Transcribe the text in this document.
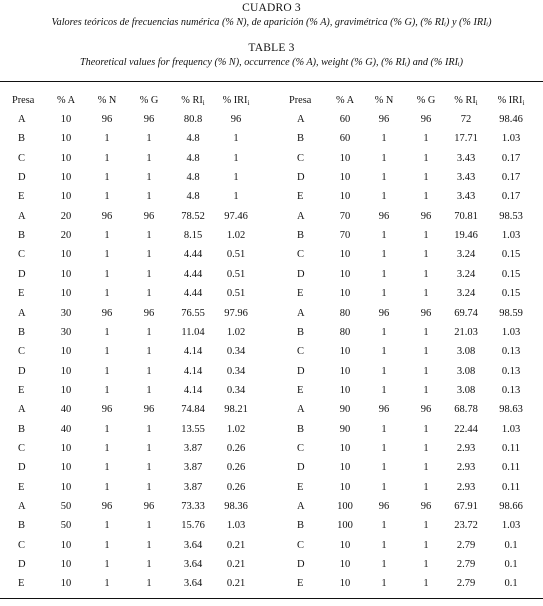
CUADRO 3
Valores teóricos de frecuencias numérica (% N), de aparición (% A), gravimétrica (% G), (% RIᵢ) y (% IRIᵢ)
TABLE 3
Theoretical values for frequency (% N), occurrence (% A), weight (% G), (% RIᵢ) and (% IRIᵢ)
Presa	% A	% N	% G	% $RI_i$	% $IRI_i$	Presa	% A	% N	% G	% $RI_i$	% $IRI_i$
A	10	96	96	80.8	96	A	60	96	96	72	98.46
B	10	1	1	4.8	1	B	60	1	1	17.71	1.03
C	10	1	1	4.8	1	C	10	1	1	3.43	0.17
D	10	1	1	4.8	1	D	10	1	1	3.43	0.17
E	10	1	1	4.8	1	E	10	1	1	3.43	0.17
A	20	96	96	78.52	97.46	A	70	96	96	70.81	98.53
B	20	1	1	8.15	1.02	B	70	1	1	19.46	1.03
C	10	1	1	4.44	0.51	C	10	1	1	3.24	0.15
D	10	1	1	4.44	0.51	D	10	1	1	3.24	0.15
E	10	1	1	4.44	0.51	E	10	1	1	3.24	0.15
A	30	96	96	76.55	97.96	A	80	96	96	69.74	98.59
B	30	1	1	11.04	1.02	B	80	1	1	21.03	1.03
C	10	1	1	4.14	0.34	C	10	1	1	3.08	0.13
D	10	1	1	4.14	0.34	D	10	1	1	3.08	0.13
E	10	1	1	4.14	0.34	E	10	1	1	3.08	0.13
A	40	96	96	74.84	98.21	A	90	96	96	68.78	98.63
B	40	1	1	13.55	1.02	B	90	1	1	22.44	1.03
C	10	1	1	3.87	0.26	C	10	1	1	2.93	0.11
D	10	1	1	3.87	0.26	D	10	1	1	2.93	0.11
E	10	1	1	3.87	0.26	E	10	1	1	2.93	0.11
A	50	96	96	73.33	98.36	A	100	96	96	67.91	98.66
B	50	1	1	15.76	1.03	B	100	1	1	23.72	1.03
C	10	1	1	3.64	0.21	C	10	1	1	2.79	0.1
D	10	1	1	3.64	0.21	D	10	1	1	2.79	0.1
E	10	1	1	3.64	0.21	E	10	1	1	2.79	0.1
